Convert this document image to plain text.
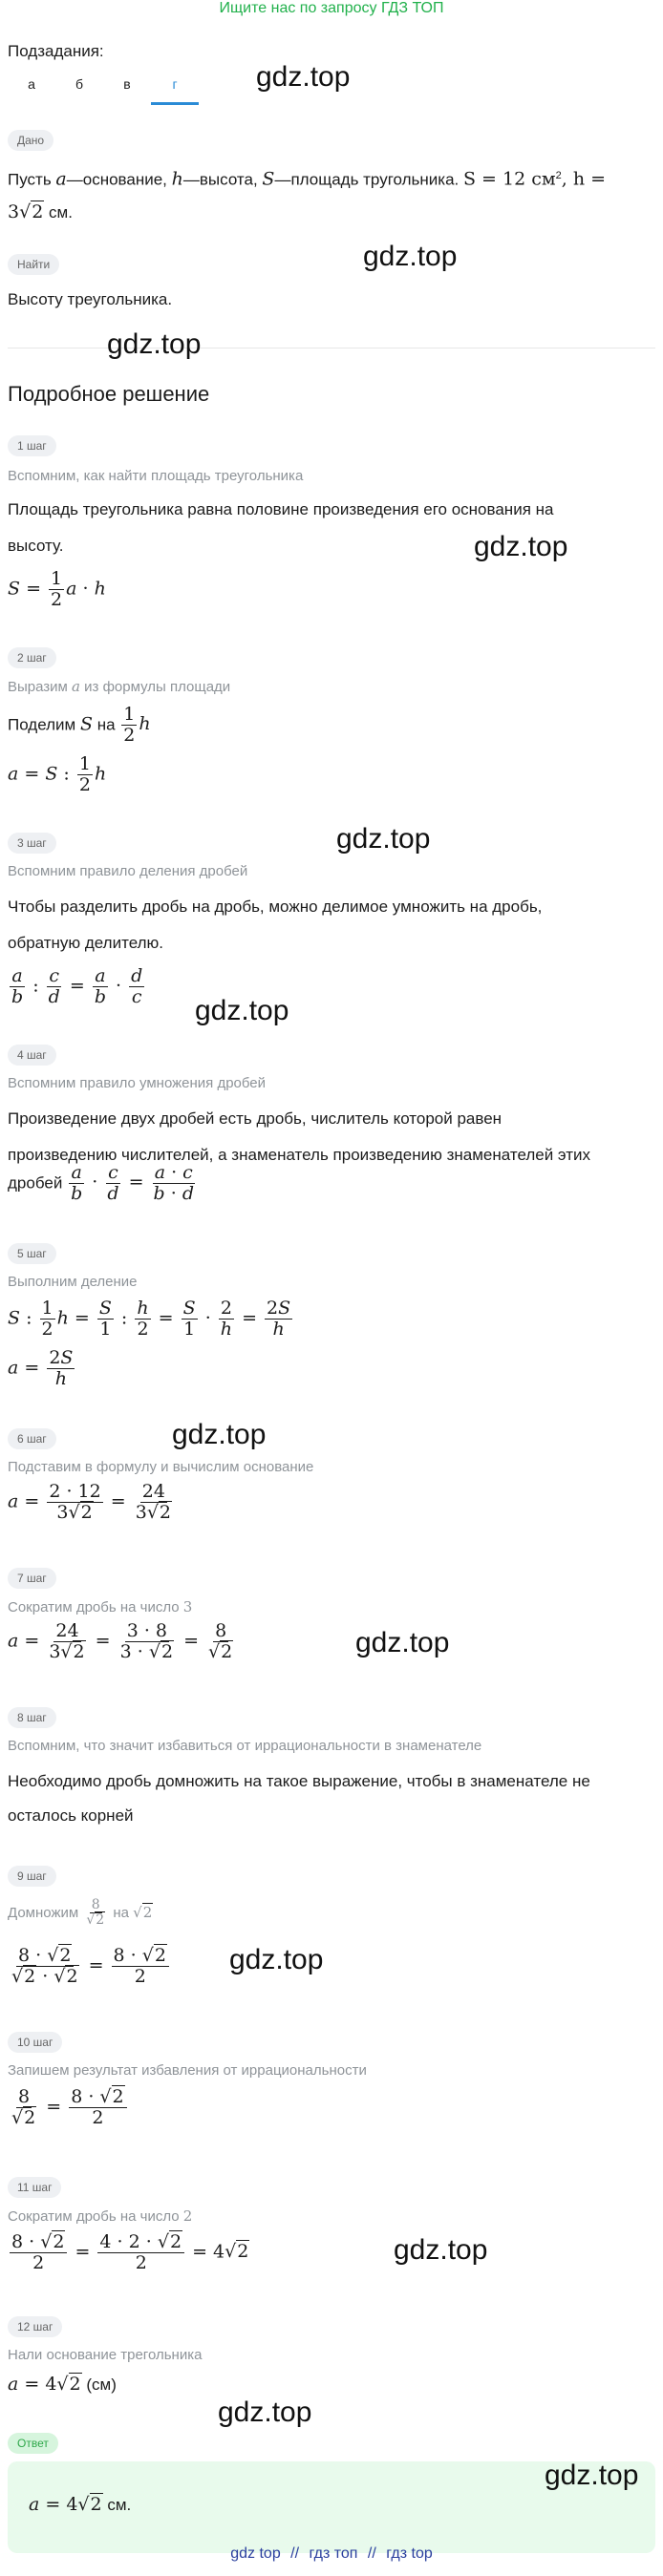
Ищите нас по запросу ГДЗ ТОП
Подзадания:
а	б	в	г	gdz.top
Дано
Пусть a—основание, h—высота, S—площадь тругольника. S = 12 $см^2$, h =
3√2 см.
Найти
Высоту треугольника.
gdz.top
gdz.top
Подробное решение
1 шаг
Вспомним, как найти площадь треугольника
Площадь треугольника равна половине произведения его основания на
высоту.	gdz.top
$S = \frac{1}{2}$ a · h
2 шаг
Выразим a из формулы площади
Поделим S на $\frac{1}{2}$ h
a = S : $\frac{1}{2}$ h
gdz.top
3 шаг
Вспомним правило деления дробей
Чтобы разделить дробь на дробь, можно делимое умножить на дробь,
обратную делителю.
$\frac{a}{b}$ : $\frac{c}{d} = \frac{a}{b} \cdot \frac{d}{c}$
gdz.top
4 шаг
Вспомним правило умножения дробей
Произведение двух дробей есть дробь, числитель которой равен
произведению числителей, а знаменатель произведению знаменателей этих
дробей $\frac{a}{b} \cdot \frac{c}{d} = \frac{a \cdot c}{b \cdot d}$
5 шаг
Выполним деление
S : $\frac{1}{2}$ $h = \frac{S}{1}$ : $\frac{h}{2} = \frac{S}{1} \cdot \frac{2}{h} = \frac{2S}{h}$
$a = \frac{2S}{h}$
gdz.top
6 шаг
Подставим в формулу и вычислим основание
$a = \frac{2 \cdot 12}{3√2} = \frac{24}{3√2}$
7 шаг
Сократим дробь на число 3
$a = \frac{24}{3√2} = \frac{3 \cdot 8}{3 \cdot √2} = \frac{8}{√2}$	gdz.top
8 шаг
Вспомним, что значит избавиться от иррациональности в знаменателе
Необходимо дробь домножить на такое выражение, чтобы в знаменателе не
осталось корней
9 шаг
Домножим $\frac{8}{√2}$ на √2
$\frac{8 \cdot √2}{√2 \cdot √2} = \frac{8 \cdot √2}{2} gdz.top$
10 шаг
Запишем результат избавления от иррациональности
$\frac{8}{√2} = \frac{8 \cdot √2}{2}$
11 шаг
Сократим дробь на число 2
$\frac{8 \cdot √2}{2} = \frac{4 \cdot 2 \cdot √2}{2} = 4√2$	gdz.top
12 шаг
Нали основание трегольника
a = 4√2 (см)
gdz.top
Ответ
a = 4√2 см.
gdz.top
gdz top // гдз топ // гдз top
